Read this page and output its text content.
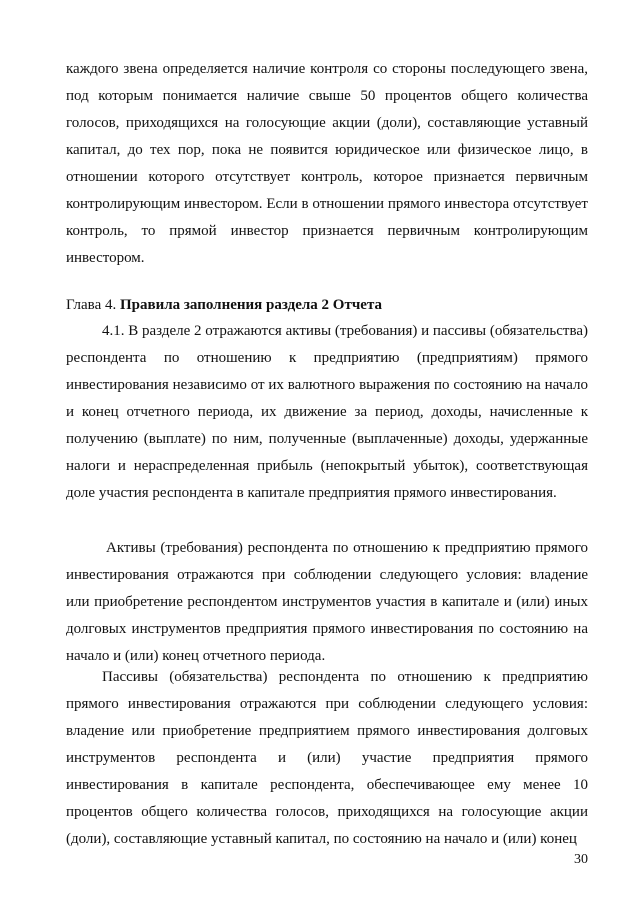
каждого звена определяется наличие контроля со стороны последующего звена, под которым понимается наличие свыше 50 процентов общего количества голосов, приходящихся на голосующие акции (доли), составляющие уставный капитал, до тех пор, пока не появится юридическое или физическое лицо, в отношении которого отсутствует контроль, которое признается первичным контролирующим инвестором. Если в отношении прямого инвестора отсутствует контроль, то прямой инвестор признается первичным контролирующим инвестором.

Глава 4. Правила заполнения раздела 2 Отчета

4.1. В разделе 2 отражаются активы (требования) и пассивы (обязательства) респондента по отношению к предприятию (предприятиям) прямого инвестирования независимо от их валютного выражения по состоянию на начало и конец отчетного периода, их движение за период, доходы, начисленные к получению (выплате) по ним, полученные (выплаченные) доходы, удержанные налоги и нераспределенная прибыль (непокрытый убыток), соответствующая доле участия респондента в капитале предприятия прямого инвестирования.

Активы (требования) респондента по отношению к предприятию прямого инвестирования отражаются при соблюдении следующего условия: владение или приобретение респондентом инструментов участия в капитале и (или) иных долговых инструментов предприятия прямого инвестирования по состоянию на начало и (или) конец отчетного периода.

Пассивы (обязательства) респондента по отношению к предприятию прямого инвестирования отражаются при соблюдении следующего условия: владение или приобретение предприятием прямого инвестирования долговых инструментов респондента и (или) участие предприятия прямого инвестирования в капитале респондента, обеспечивающее ему менее 10 процентов общего количества голосов, приходящихся на голосующие акции (доли), составляющие уставный капитал, по состоянию на начало и (или) конец

30
